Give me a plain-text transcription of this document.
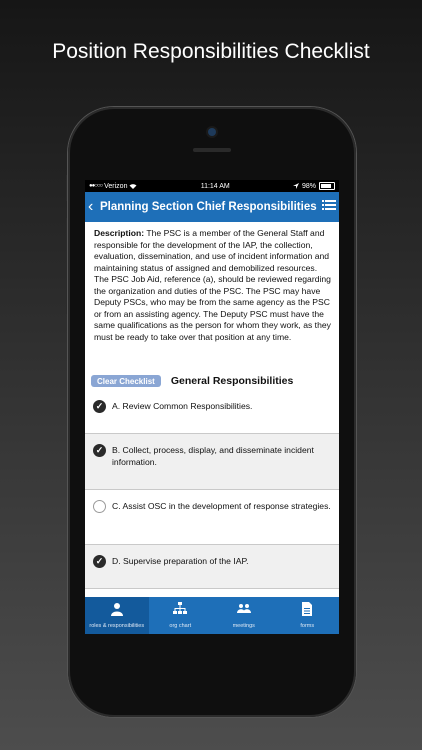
Position Responsibilities Checklist
●●○○○ Verizon	11:14 AM	98%
‹ Planning Section Chief Responsibilities
Description: The PSC is a member of the General Staff and responsible for the development of the IAP, the collection, evaluation, dissemination, and use of incident information and maintaining status of assigned and demobilized resources. The PSC Job Aid, reference (a), should be reviewed regarding the organization and duties of the PSC. The PSC may have Deputy PSCs, who may be from the same agency as the PSC or from an assisting agency. The Deputy PSC must have the same qualifications as the person for whom they work, as they must be ready to take over that position at any time.
Clear Checklist	General Responsibilities
✓	A. Review Common Responsibilities.
✓	B. Collect, process, display, and disseminate incident information.
C. Assist OSC in the development of response strategies.
✓	D. Supervise preparation of the IAP.
roles & responsibilities	org chart	meetings	forms
